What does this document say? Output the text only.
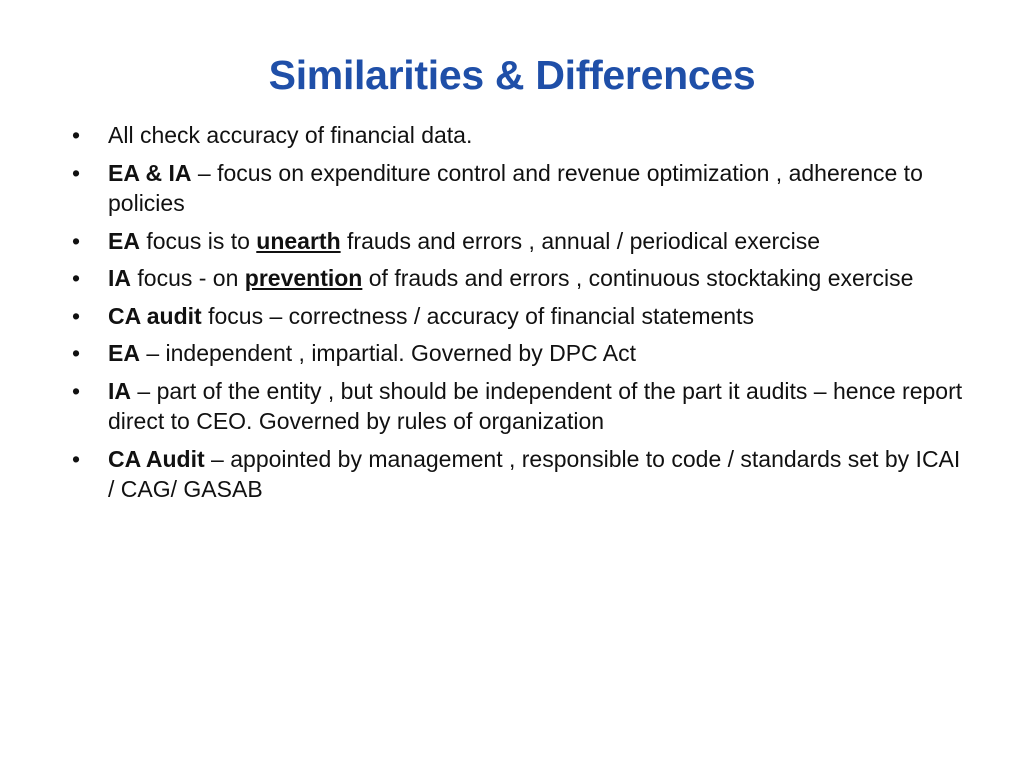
Similarities & Differences
•	All check accuracy of financial data.
•	EA & IA – focus on expenditure control and revenue optimization , adherence to policies
•	EA focus is to unearth frauds and errors , annual / periodical exercise
•	IA focus - on prevention of frauds and errors , continuous stocktaking exercise
•	CA audit focus – correctness / accuracy of financial statements
•	EA – independent , impartial. Governed by DPC Act
•	IA – part of the entity , but should be independent of the part it audits – hence report direct to CEO. Governed by rules of organization
•	CA Audit – appointed by management , responsible to code / standards set by ICAI / CAG/ GASAB
